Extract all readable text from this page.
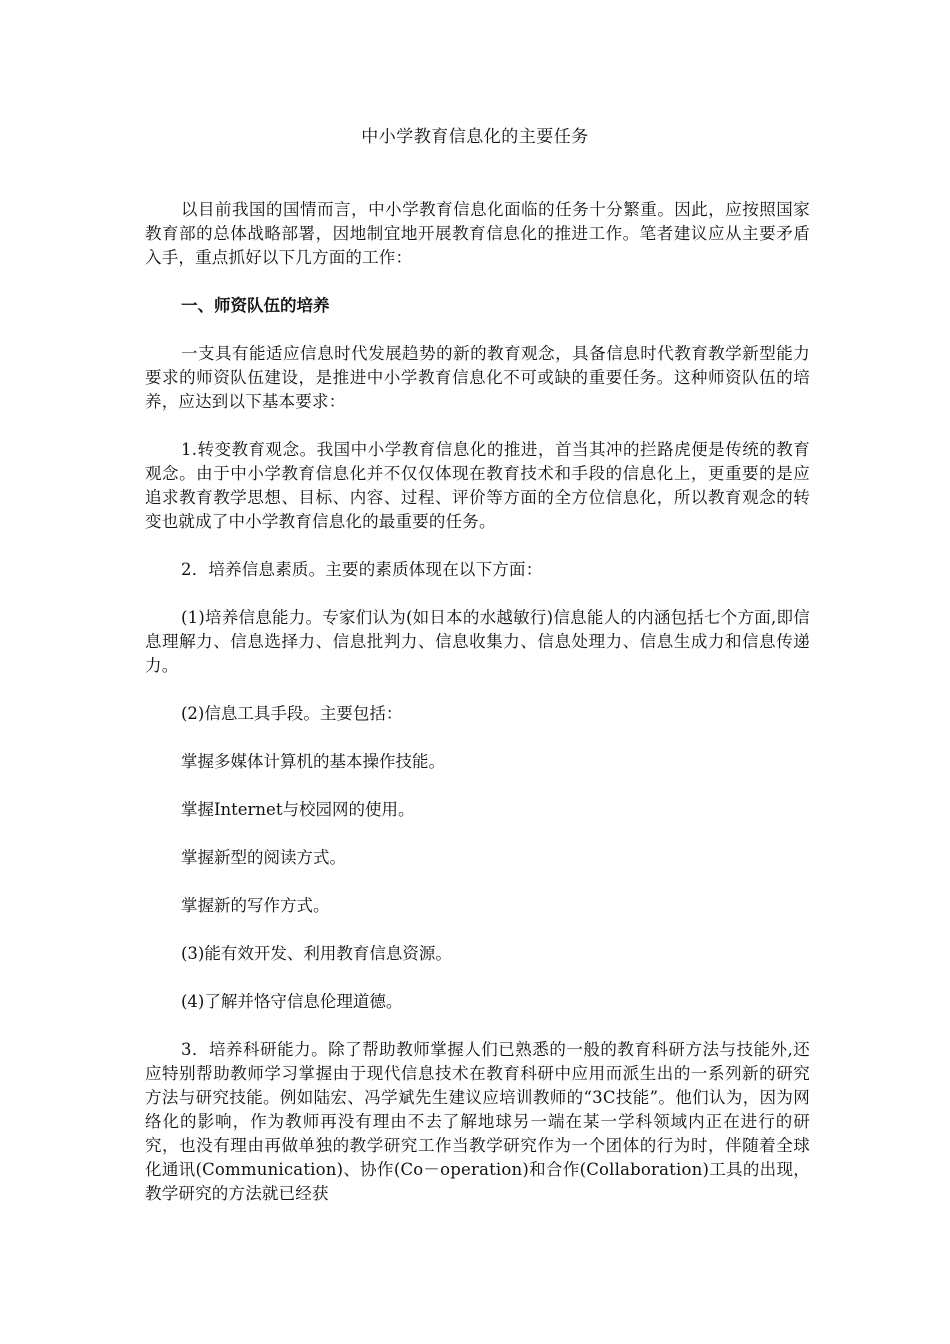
中小学教育信息化的主要任务

以目前我国的国情而言，中小学教育信息化面临的任务十分繁重。因此，应按照国家教育部的总体战略部署，因地制宜地开展教育信息化的推进工作。笔者建议应从主要矛盾入手，重点抓好以下几方面的工作：

一、师资队伍的培养

一支具有能适应信息时代发展趋势的新的教育观念，具备信息时代教育教学新型能力要求的师资队伍建设，是推进中小学教育信息化不可或缺的重要任务。这种师资队伍的培养，应达到以下基本要求：

1.转变教育观念。我国中小学教育信息化的推进，首当其冲的拦路虎便是传统的教育观念。由于中小学教育信息化并不仅仅体现在教育技术和手段的信息化上，更重要的是应追求教育教学思想、目标、内容、过程、评价等方面的全方位信息化，所以教育观念的转变也就成了中小学教育信息化的最重要的任务。

2．培养信息素质。主要的素质体现在以下方面：

(1)培养信息能力。专家们认为(如日本的水越敏行)信息能人的内涵包括七个方面,即信息理解力、信息选择力、信息批判力、信息收集力、信息处理力、信息生成力和信息传递力。

(2)信息工具手段。主要包括：

掌握多媒体计算机的基本操作技能。

掌握Internet与校园网的使用。

掌握新型的阅读方式。

掌握新的写作方式。

(3)能有效开发、利用教育信息资源。

(4)了解并恪守信息伦理道德。

3．培养科研能力。除了帮助教师掌握人们已熟悉的一般的教育科研方法与技能外,还应特别帮助教师学习掌握由于现代信息技术在教育科研中应用而派生出的一系列新的研究方法与研究技能。例如陆宏、冯学斌先生建议应培训教师的“3C技能”。他们认为，因为网络化的影响，作为教师再没有理由不去了解地球另一端在某一学科领域内正在进行的研究，也没有理由再做单独的教学研究工作当教学研究作为一个团体的行为时，伴随着全球化通讯(Communication)、协作(Co－operation)和合作(Collaboration)工具的出现，教学研究的方法就已经获
